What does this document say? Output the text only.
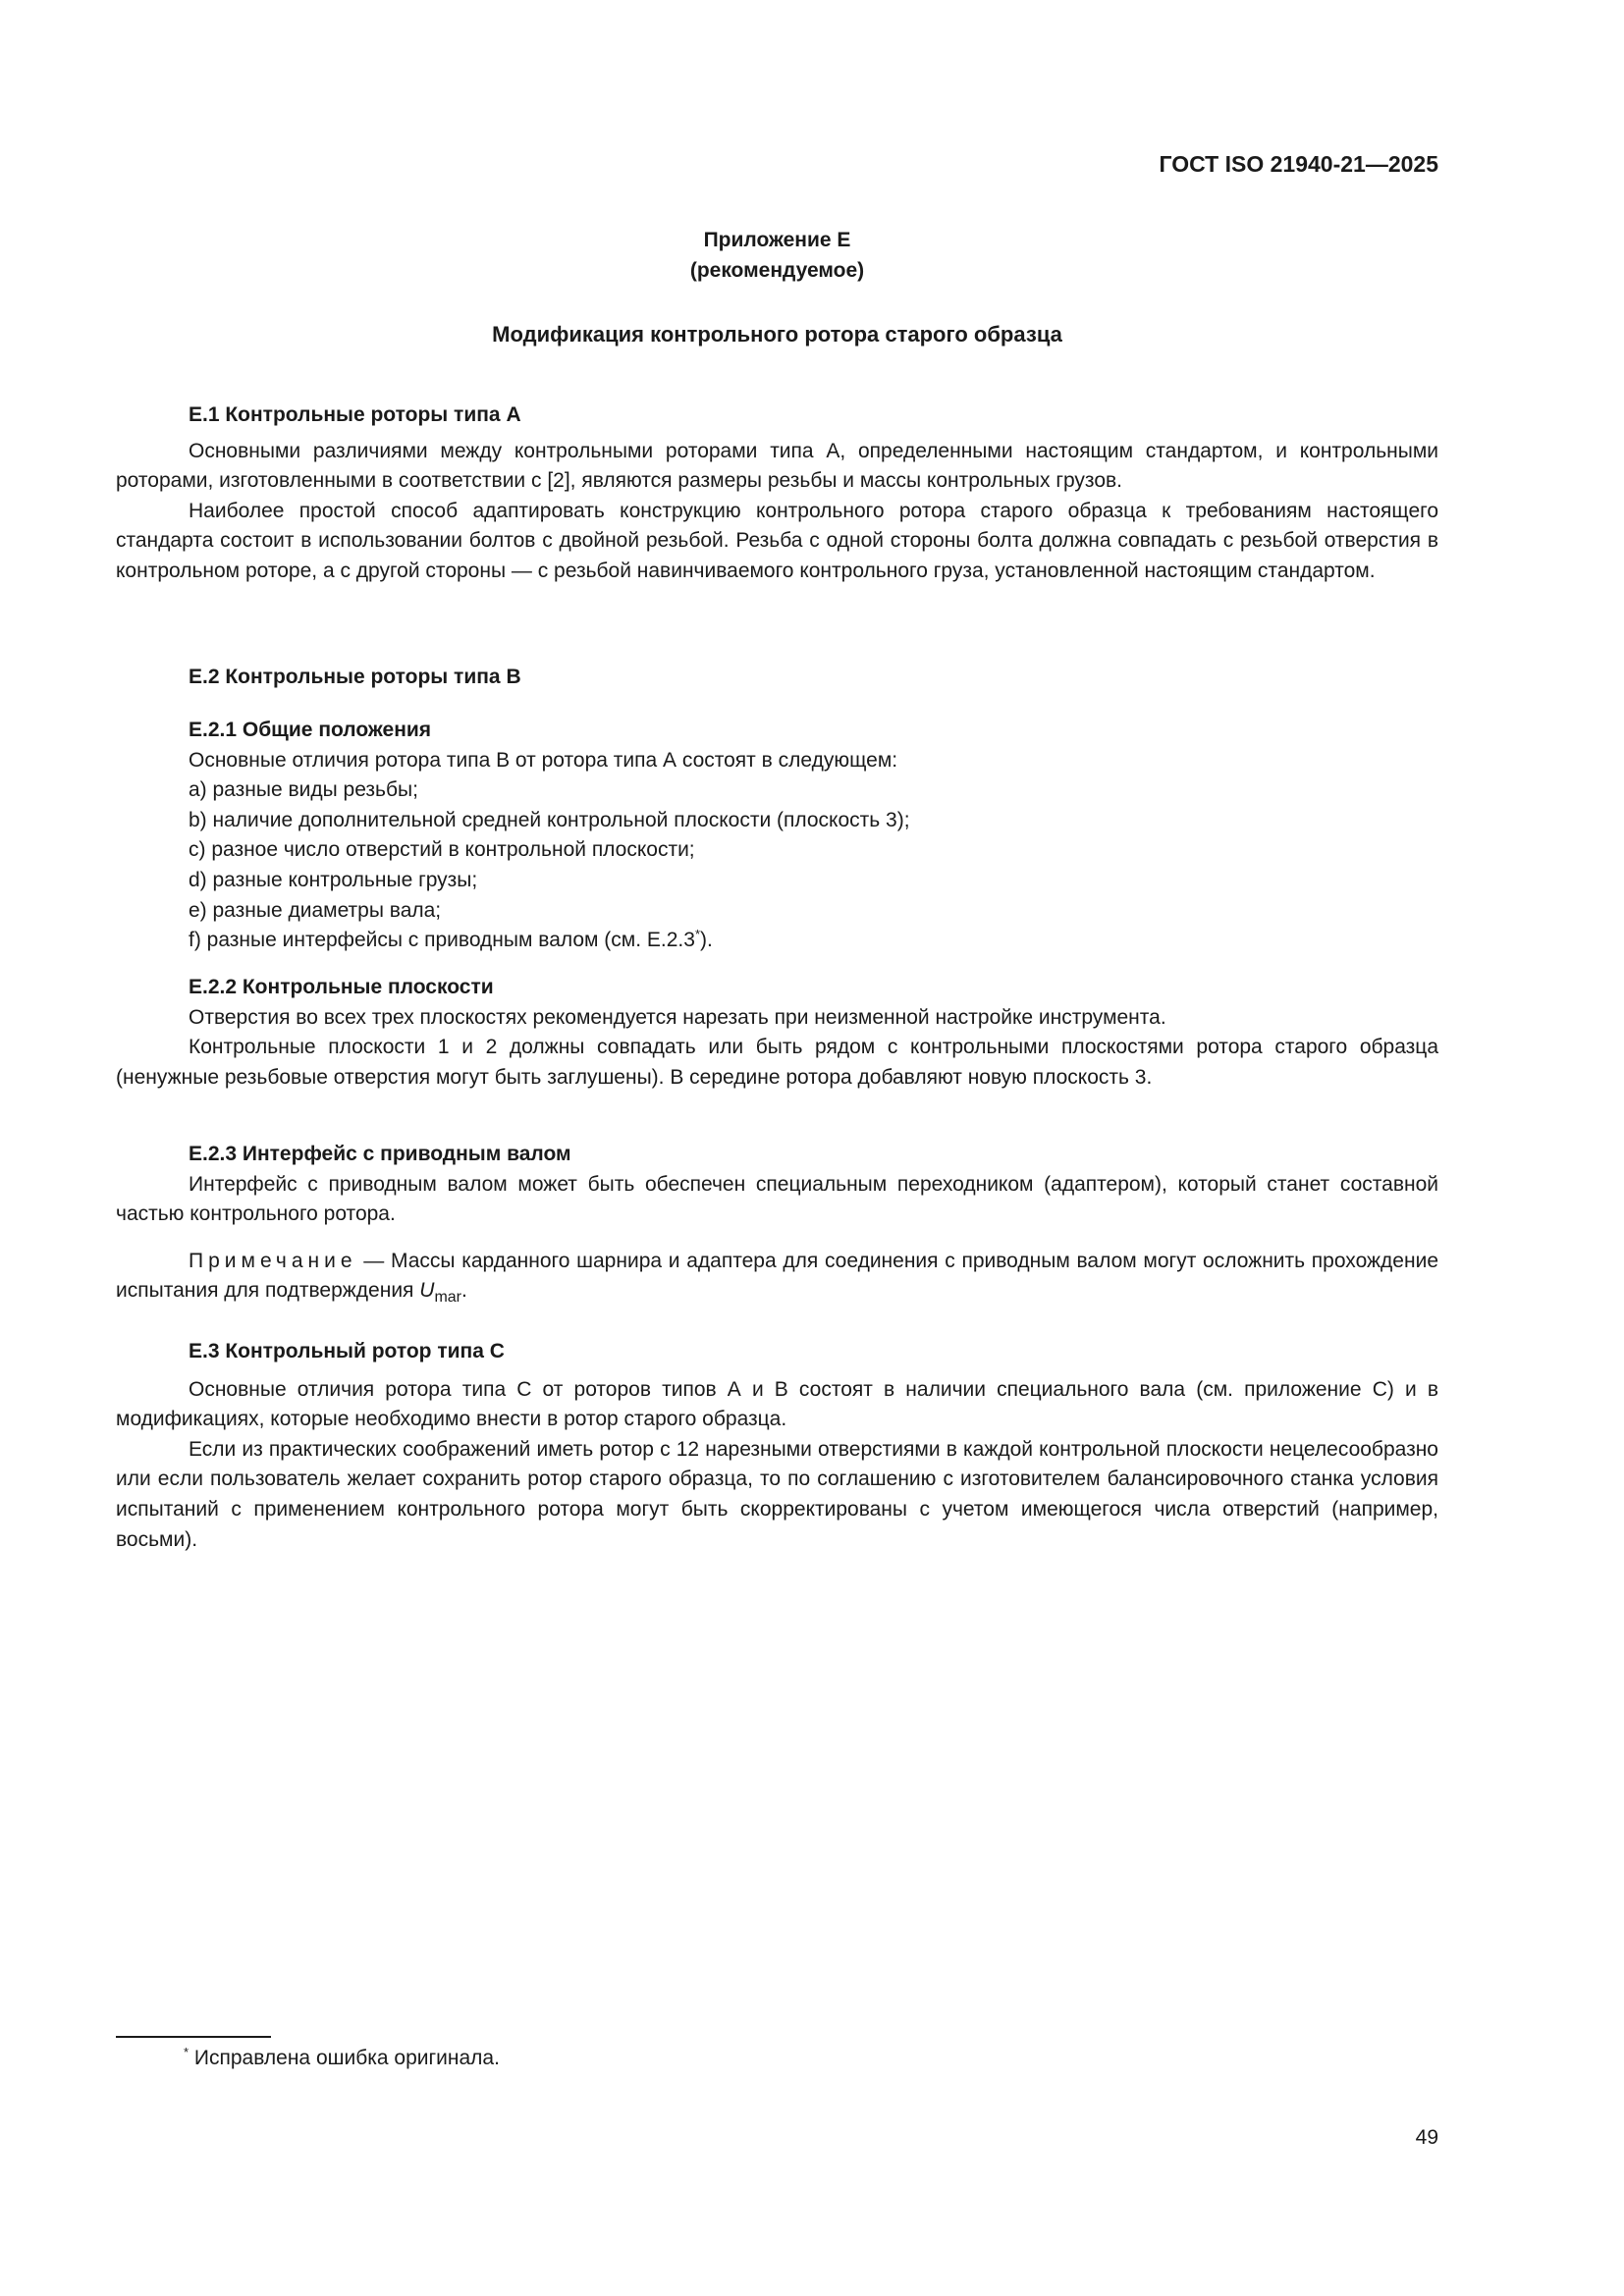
ГОСТ ISO 21940-21—2025
Приложение Е
(рекомендуемое)
Модификация контрольного ротора старого образца

Е.1 Контрольные роторы типа А

Основными различиями между контрольными роторами типа А, определенными настоящим стандартом, и контрольными роторами, изготовленными в соответствии с [2], являются размеры резьбы и массы контрольных грузов.

Наиболее простой способ адаптировать конструкцию контрольного ротора старого образца к требованиям настоящего стандарта состоит в использовании болтов с двойной резьбой. Резьба с одной стороны болта должна совпадать с резьбой отверстия в контрольном роторе, а с другой стороны — с резьбой навинчиваемого контрольного груза, установленной настоящим стандартом.

Е.2 Контрольные роторы типа В

Е.2.1 Общие положения

Основные отличия ротора типа В от ротора типа А состоят в следующем:

a) разные виды резьбы;

b) наличие дополнительной средней контрольной плоскости (плоскость 3);

c) разное число отверстий в контрольной плоскости;

d) разные контрольные грузы;

e) разные диаметры вала;

f) разные интерфейсы с приводным валом (см. Е.2.3*).

Е.2.2 Контрольные плоскости

Отверстия во всех трех плоскостях рекомендуется нарезать при неизменной настройке инструмента.

Контрольные плоскости 1 и 2 должны совпадать или быть рядом с контрольными плоскостями ротора старого образца (ненужные резьбовые отверстия могут быть заглушены). В середине ротора добавляют новую плоскость 3.

Е.2.3 Интерфейс с приводным валом

Интерфейс с приводным валом может быть обеспечен специальным переходником (адаптером), который станет составной частью контрольного ротора.

Примечание — Массы карданного шарнира и адаптера для соединения с приводным валом могут осложнить прохождение испытания для подтверждения $U_{mar}$.

Е.3 Контрольный ротор типа С

Основные отличия ротора типа С от роторов типов А и В состоят в наличии специального вала (см. приложение С) и в модификациях, которые необходимо внести в ротор старого образца.

Если из практических соображений иметь ротор с 12 нарезными отверстиями в каждой контрольной плоскости нецелесообразно или если пользователь желает сохранить ротор старого образца, то по соглашению с изготовителем балансировочного станка условия испытаний с применением контрольного ротора могут быть скорректированы с учетом имеющегося числа отверстий (например, восьми).

* Исправлена ошибка оригинала.
49
